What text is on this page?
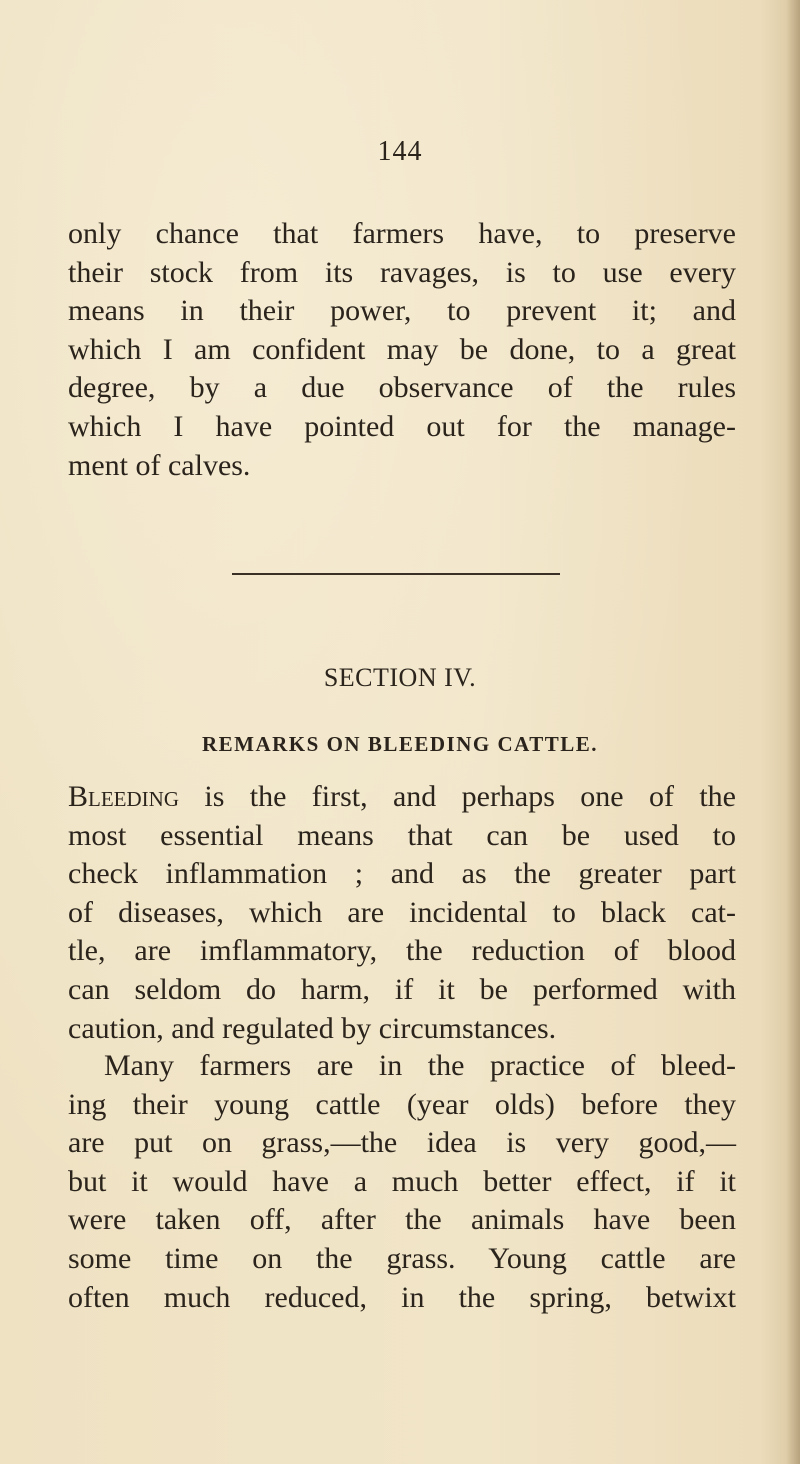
144
only chance that farmers have, to preserve
their stock from its ravages, is to use every
means in their power, to prevent it; and
which I am confident may be done, to a great
degree, by a due observance of the rules
which I have pointed out for the manage-
ment of calves.
SECTION IV.
REMARKS ON BLEEDING CATTLE.
Bleeding is the first, and perhaps one of the
most essential means that can be used to
check inflammation ; and as the greater part
of diseases, which are incidental to black cat-
tle, are imflammatory, the reduction of blood
can seldom do harm, if it be performed with
caution, and regulated by circumstances.
Many farmers are in the practice of bleed-
ing their young cattle (year olds) before they
are put on grass,—the idea is very good,—
but it would have a much better effect, if it
were taken off, after the animals have been
some time on the grass. Young cattle are
often much reduced, in the spring, betwixt
